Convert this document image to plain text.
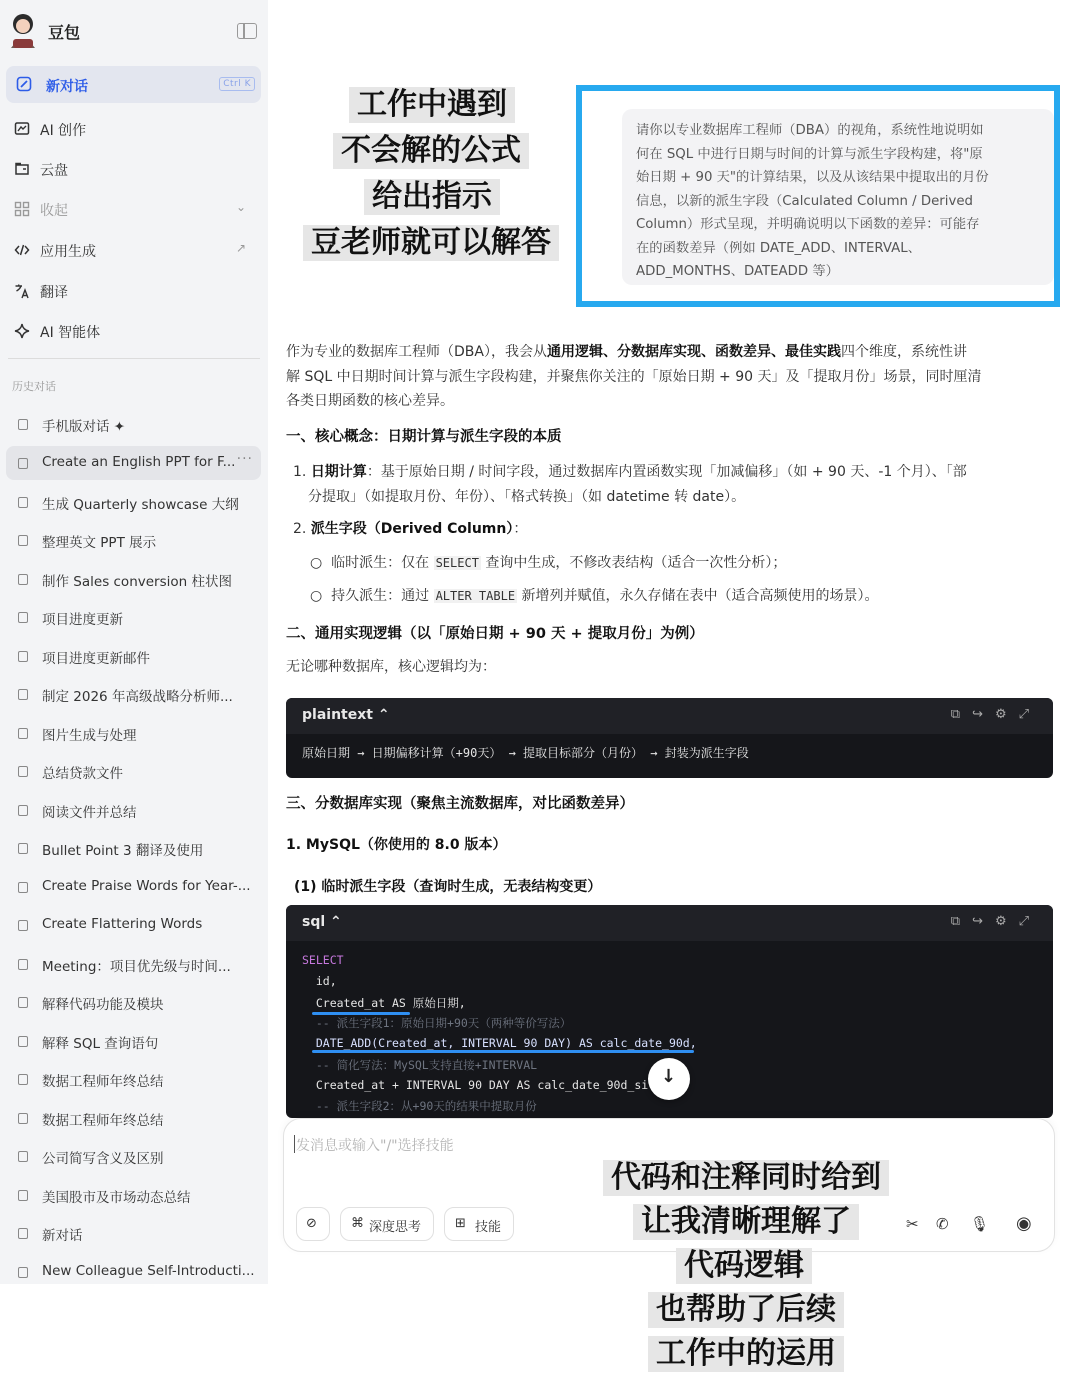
豆包
新对话	Ctrl K
AI 创作
云盘
收起	⌄
应用生成	↗
翻译
AI 智能体
历史对话
手机版对话 ✦
Create an English PPT for F... ···
生成 Quarterly showcase 大纲
整理英文 PPT 展示
制作 Sales conversion 柱状图
项目进度更新
项目进度更新邮件
制定 2026 年高级战略分析师...
图片生成与处理
总结贷款文件
阅读文件并总结
Bullet Point 3 翻译及使用
Create Praise Words for Year-...
Create Flattering Words
Meeting：项目优先级与时间...
解释代码功能及模块
解释 SQL 查询语句
数据工程师年终总结
数据工程师年终总结
公司简写含义及区别
美国股市及市场动态总结
新对话
New Colleague Self-Introducti...
工作中遇到
不会解的公式
给出指示
豆老师就可以解答
请你以专业数据库工程师（DBA）的视角，系统性地说明如
何在 SQL 中进行日期与时间的计算与派生字段构建，将"原
始日期 + 90 天"的计算结果，以及从该结果中提取出的月份
信息，以新的派生字段（Calculated Column / Derived
Column）形式呈现，并明确说明以下函数的差异：可能存
在的函数差异（例如 DATE_ADD、INTERVAL、
ADD_MONTHS、DATEADD 等）
作为专业的数据库工程师（DBA），我会从通用逻辑、分数据库实现、函数差异、最佳实践四个维度，系统性讲
解 SQL 中日期时间计算与派生字段构建，并聚焦你关注的「原始日期 + 90 天」及「提取月份」场景，同时厘清
各类日期函数的核心差异。
一、核心概念：日期计算与派生字段的本质
1. 日期计算：基于原始日期 / 时间字段，通过数据库内置函数实现「加减偏移」（如 + 90 天、-1 个月）、「部
分提取」（如提取月份、年份）、「格式转换」（如 datetime 转 date）。
2. 派生字段（Derived Column）：
○  临时派生：仅在 SELECT 查询中生成，不修改表结构（适合一次性分析）；
○  持久派生：通过 ALTER TABLE 新增列并赋值，永久存储在表中（适合高频使用的场景）。
二、通用实现逻辑（以「原始日期 + 90 天 + 提取月份」为例）
无论哪种数据库，核心逻辑均为：
plaintext ⌃	⧉↪⚙⤢
原始日期 → 日期偏移计算（+90天） → 提取目标部分（月份） → 封装为派生字段
三、分数据库实现（聚焦主流数据库，对比函数差异）
1. MySQL（你使用的 8.0 版本）
(1) 临时派生字段（查询时生成，无表结构变更）
sql ⌃	⧉↪⚙⤢
SELECT
id,
Created_at AS 原始日期,
-- 派生字段1：原始日期+90天（两种等价写法）
DATE_ADD(Created_at, INTERVAL 90 DAY) AS calc_date_90d,
-- 简化写法：MySQL支持直接+INTERVAL
Created_at + INTERVAL 90 DAY AS calc_date_90d_si
-- 派生字段2：从+90天的结果中提取月份
↓
发消息或输入"/"选择技能
⊘	⌘ 深度思考	⊞ 技能	✂ ✆ 🎙 ◉
代码和注释同时给到
让我清晰理解了
代码逻辑
也帮助了后续
工作中的运用
